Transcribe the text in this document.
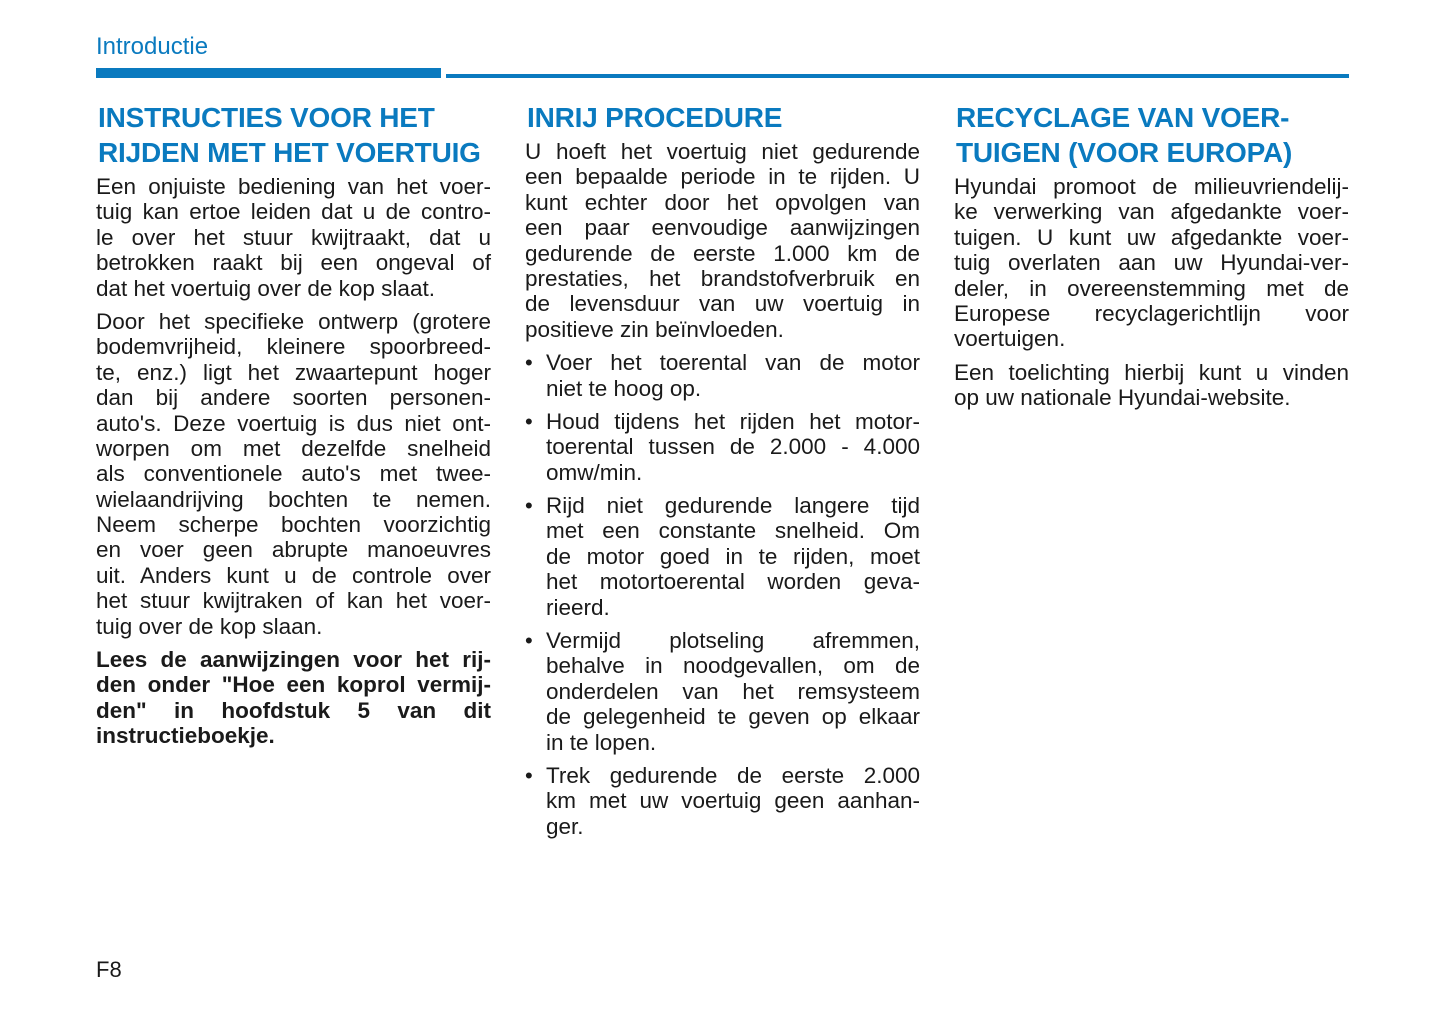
Introductie
INSTRUCTIES VOOR HET
RIJDEN MET HET VOERTUIG
Een onjuiste bediening van het voer-
tuig kan ertoe leiden dat u de contro-
le over het stuur kwijtraakt, dat u
betrokken raakt bij een ongeval of
dat het voertuig over de kop slaat.
Door het specifieke ontwerp (grotere
bodemvrijheid, kleinere spoorbreed-
te, enz.) ligt het zwaartepunt hoger
dan bij andere soorten personen-
auto's. Deze voertuig is dus niet ont-
worpen om met dezelfde snelheid
als conventionele auto's met twee-
wielaandrijving bochten te nemen.
Neem scherpe bochten voorzichtig
en voer geen abrupte manoeuvres
uit. Anders kunt u de controle over
het stuur kwijtraken of kan het voer-
tuig over de kop slaan.
Lees de aanwijzingen voor het rij-
den onder "Hoe een koprol vermij-
den" in hoofdstuk 5 van dit
instructieboekje.
INRIJ PROCEDURE
U hoeft het voertuig niet gedurende
een bepaalde periode in te rijden. U
kunt echter door het opvolgen van
een paar eenvoudige aanwijzingen
gedurende de eerste 1.000 km de
prestaties, het brandstofverbruik en
de levensduur van uw voertuig in
positieve zin beïnvloeden.
• Voer het toerental van de motor
niet te hoog op.
• Houd tijdens het rijden het motor-
toerental tussen de 2.000 - 4.000
omw/min.
• Rijd niet gedurende langere tijd
met een constante snelheid. Om
de motor goed in te rijden, moet
het motortoerental worden geva-
rieerd.
• Vermijd plotseling afremmen,
behalve in noodgevallen, om de
onderdelen van het remsysteem
de gelegenheid te geven op elkaar
in te lopen.
• Trek gedurende de eerste 2.000
km met uw voertuig geen aanhan-
ger.
RECYCLAGE VAN VOER-
TUIGEN (VOOR EUROPA)
Hyundai promoot de milieuvriendelij-
ke verwerking van afgedankte voer-
tuigen. U kunt uw afgedankte voer-
tuig overlaten aan uw Hyundai-ver-
deler, in overeenstemming met de
Europese recyclagerichtlijn voor
voertuigen.
Een toelichting hierbij kunt u vinden
op uw nationale Hyundai-website.
F8
